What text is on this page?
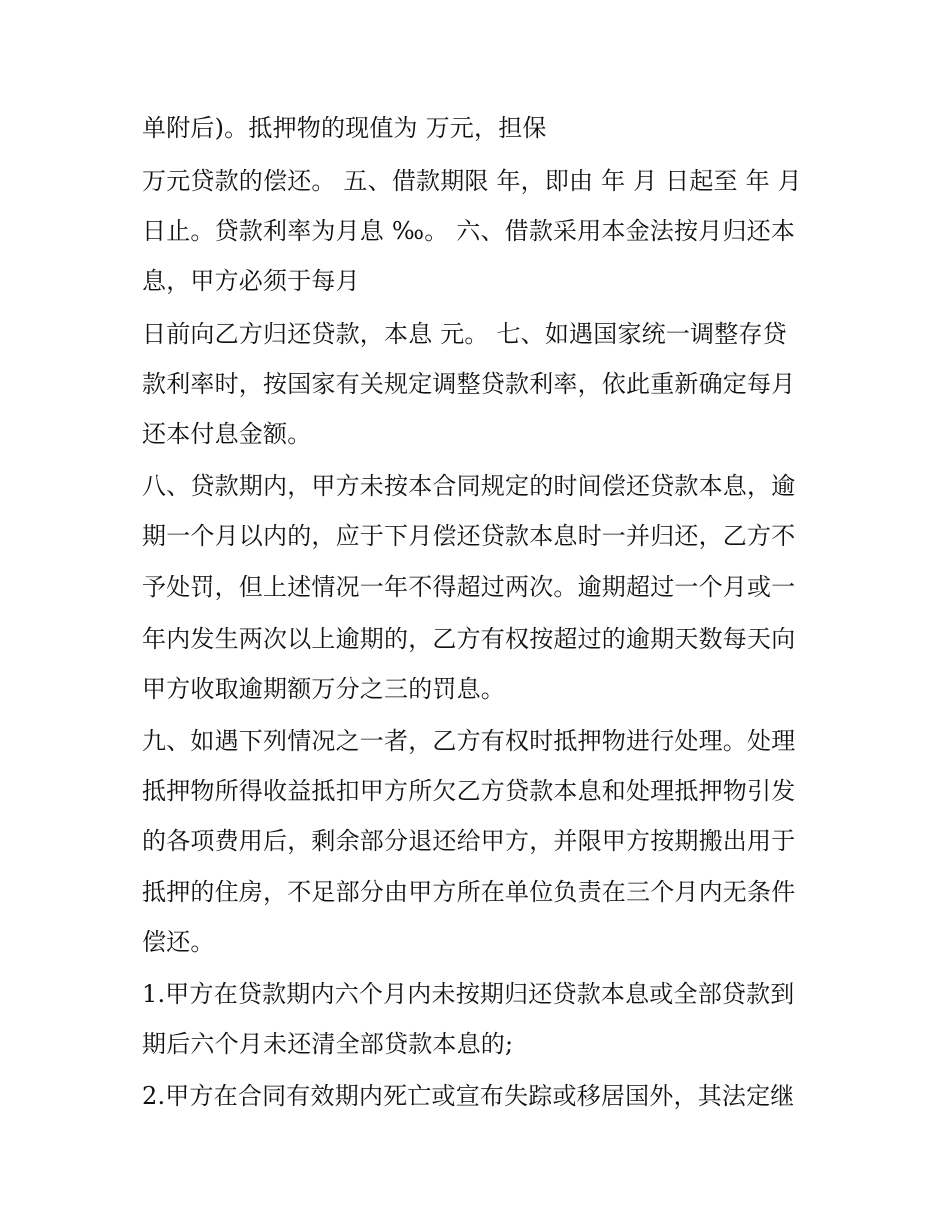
单附后)。抵押物的现值为 万元，担保
万元贷款的偿还。 五、借款期限 年，即由 年 月 日起至 年 月
日止。贷款利率为月息 ‰。 六、借款采用本金法按月归还本
息，甲方必须于每月
日前向乙方归还贷款，本息 元。 七、如遇国家统一调整存贷
款利率时，按国家有关规定调整贷款利率，依此重新确定每月
还本付息金额。
八、贷款期内，甲方未按本合同规定的时间偿还贷款本息，逾
期一个月以内的，应于下月偿还贷款本息时一并归还，乙方不
予处罚，但上述情况一年不得超过两次。逾期超过一个月或一
年内发生两次以上逾期的，乙方有权按超过的逾期天数每天向
甲方收取逾期额万分之三的罚息。
九、如遇下列情况之一者，乙方有权时抵押物进行处理。处理
抵押物所得收益抵扣甲方所欠乙方贷款本息和处理抵押物引发
的各项费用后，剩余部分退还给甲方，并限甲方按期搬出用于
抵押的住房，不足部分由甲方所在单位负责在三个月内无条件
偿还。
1.甲方在贷款期内六个月内未按期归还贷款本息或全部贷款到
期后六个月未还清全部贷款本息的;
2.甲方在合同有效期内死亡或宣布失踪或移居国外，其法定继
